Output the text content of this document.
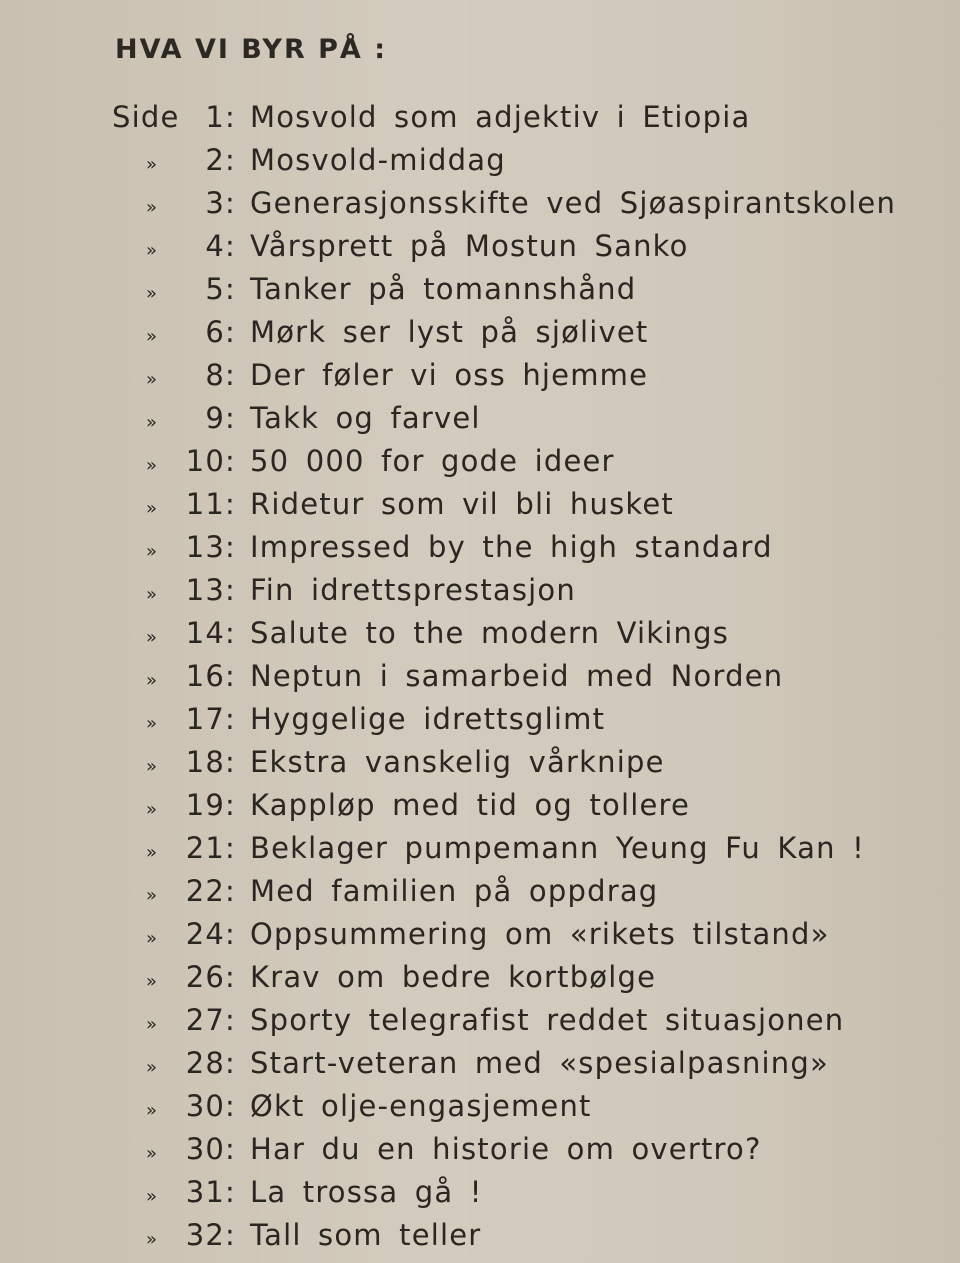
HVA VI BYR PÅ :
Side 1: Mosvold som adjektiv i Etiopia
»	2: Mosvold-middag
»	3: Generasjonsskifte ved Sjøaspirantskolen
»	4: Vårsprett på Mostun Sanko
»	5: Tanker på tomannshånd
»	6: Mørk ser lyst på sjølivet
»	8: Der føler vi oss hjemme
»	9: Takk og farvel
» 10: 50 000 for gode ideer
» 11: Ridetur som vil bli husket
» 13: Impressed by the high standard
» 13: Fin idrettsprestasjon
» 14: Salute to the modern Vikings
» 16: Neptun i samarbeid med Norden
» 17: Hyggelige idrettsglimt
» 18: Ekstra vanskelig vårknipe
» 19: Kappløp med tid og tollere
» 21: Beklager pumpemann Yeung Fu Kan !
» 22: Med familien på oppdrag
» 24: Oppsummering om «rikets tilstand»
» 26: Krav om bedre kortbølge
» 27: Sporty telegrafist reddet situasjonen
» 28: Start-veteran med «spesialpasning»
» 30: Økt olje-engasjement
» 30: Har du en historie om overtro?
» 31: La trossa gå !
» 32: Tall som teller
